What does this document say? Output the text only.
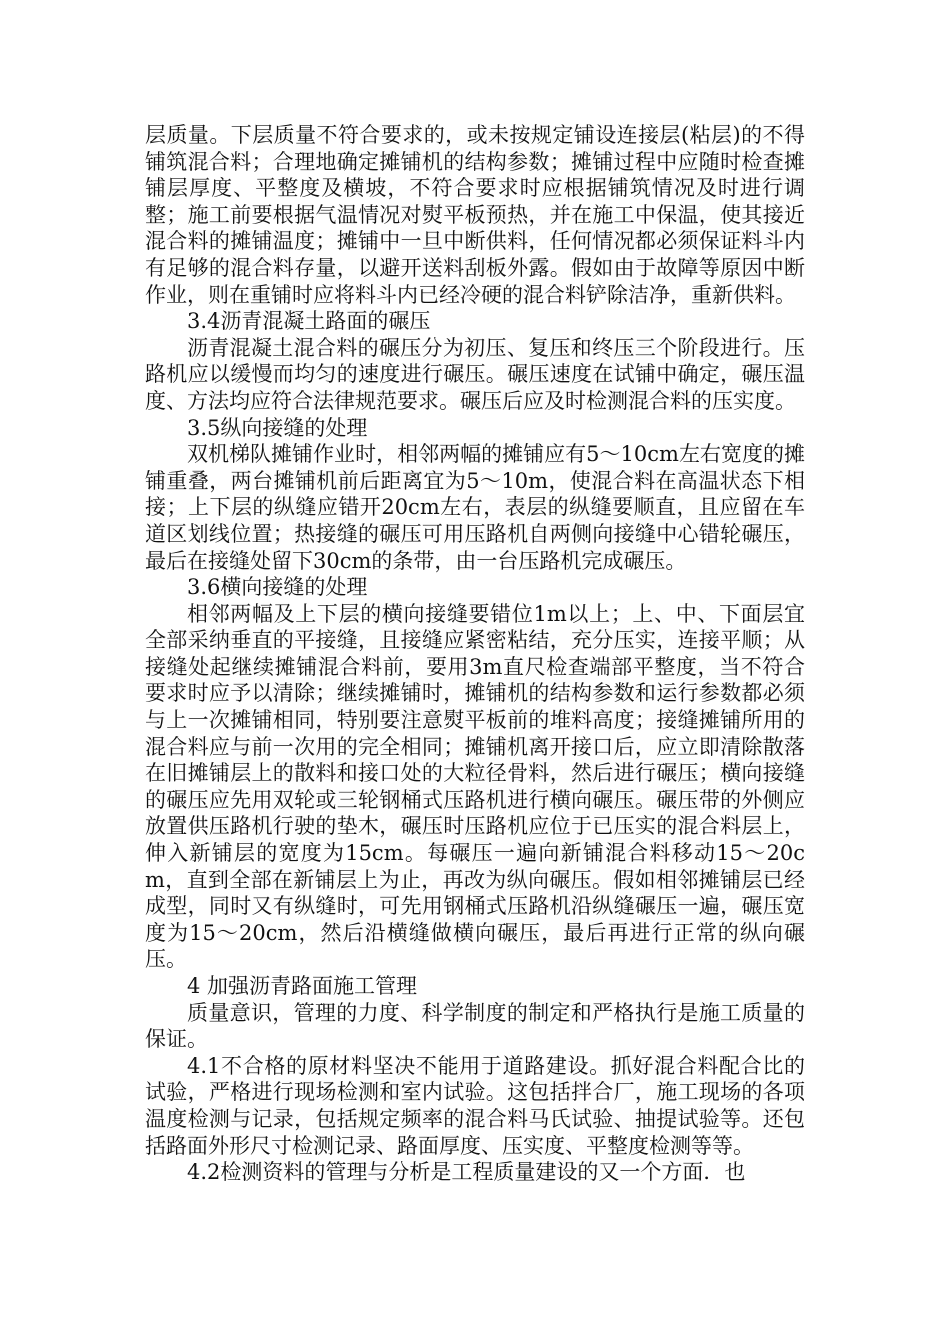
层质量。下层质量不符合要求的，或未按规定铺设连接层(粘层)的不得铺筑混合料；合理地确定摊铺机的结构参数；摊铺过程中应随时检查摊铺层厚度、平整度及横坡，不符合要求时应根据铺筑情况及时进行调整；施工前要根据气温情况对熨平板预热，并在施工中保温，使其接近混合料的摊铺温度；摊铺中一旦中断供料，任何情况都必须保证料斗内有足够的混合料存量，以避开送料刮板外露。假如由于故障等原因中断作业，则在重铺时应将料斗内已经冷硬的混合料铲除洁净，重新供料。

3.4沥青混凝土路面的碾压

沥青混凝土混合料的碾压分为初压、复压和终压三个阶段进行。压路机应以缓慢而均匀的速度进行碾压。碾压速度在试铺中确定，碾压温度、方法均应符合法律规范要求。碾压后应及时检测混合料的压实度。

3.5纵向接缝的处理

双机梯队摊铺作业时，相邻两幅的摊铺应有5～10cm左右宽度的摊铺重叠，两台摊铺机前后距离宜为5～10m，使混合料在高温状态下相接；上下层的纵缝应错开20cm左右，表层的纵缝要顺直，且应留在车道区划线位置；热接缝的碾压可用压路机自两侧向接缝中心错轮碾压，最后在接缝处留下30cm的条带，由一台压路机完成碾压。

3.6横向接缝的处理

相邻两幅及上下层的横向接缝要错位1m以上；上、中、下面层宜全部采纳垂直的平接缝，且接缝应紧密粘结，充分压实，连接平顺；从接缝处起继续摊铺混合料前，要用3m直尺检查端部平整度，当不符合要求时应予以清除；继续摊铺时，摊铺机的结构参数和运行参数都必须与上一次摊铺相同，特别要注意熨平板前的堆料高度；接缝摊铺所用的混合料应与前一次用的完全相同；摊铺机离开接口后，应立即清除散落在旧摊铺层上的散料和接口处的大粒径骨料，然后进行碾压；横向接缝的碾压应先用双轮或三轮钢桶式压路机进行横向碾压。碾压带的外侧应放置供压路机行驶的垫木，碾压时压路机应位于已压实的混合料层上，伸入新铺层的宽度为15cm。每碾压一遍向新铺混合料移动15～20cm，直到全部在新铺层上为止，再改为纵向碾压。假如相邻摊铺层已经成型，同时又有纵缝时，可先用钢桶式压路机沿纵缝碾压一遍，碾压宽度为15～20cm，然后沿横缝做横向碾压，最后再进行正常的纵向碾压。

4 加强沥青路面施工管理

质量意识，管理的力度、科学制度的制定和严格执行是施工质量的保证。

4.1不合格的原材料坚决不能用于道路建设。抓好混合料配合比的试验，严格进行现场检测和室内试验。这包括拌合厂，施工现场的各项温度检测与记录，包括规定频率的混合料马氏试验、抽提试验等。还包括路面外形尺寸检测记录、路面厚度、压实度、平整度检测等等。

4.2检测资料的管理与分析是工程质量建设的又一个方面．也
